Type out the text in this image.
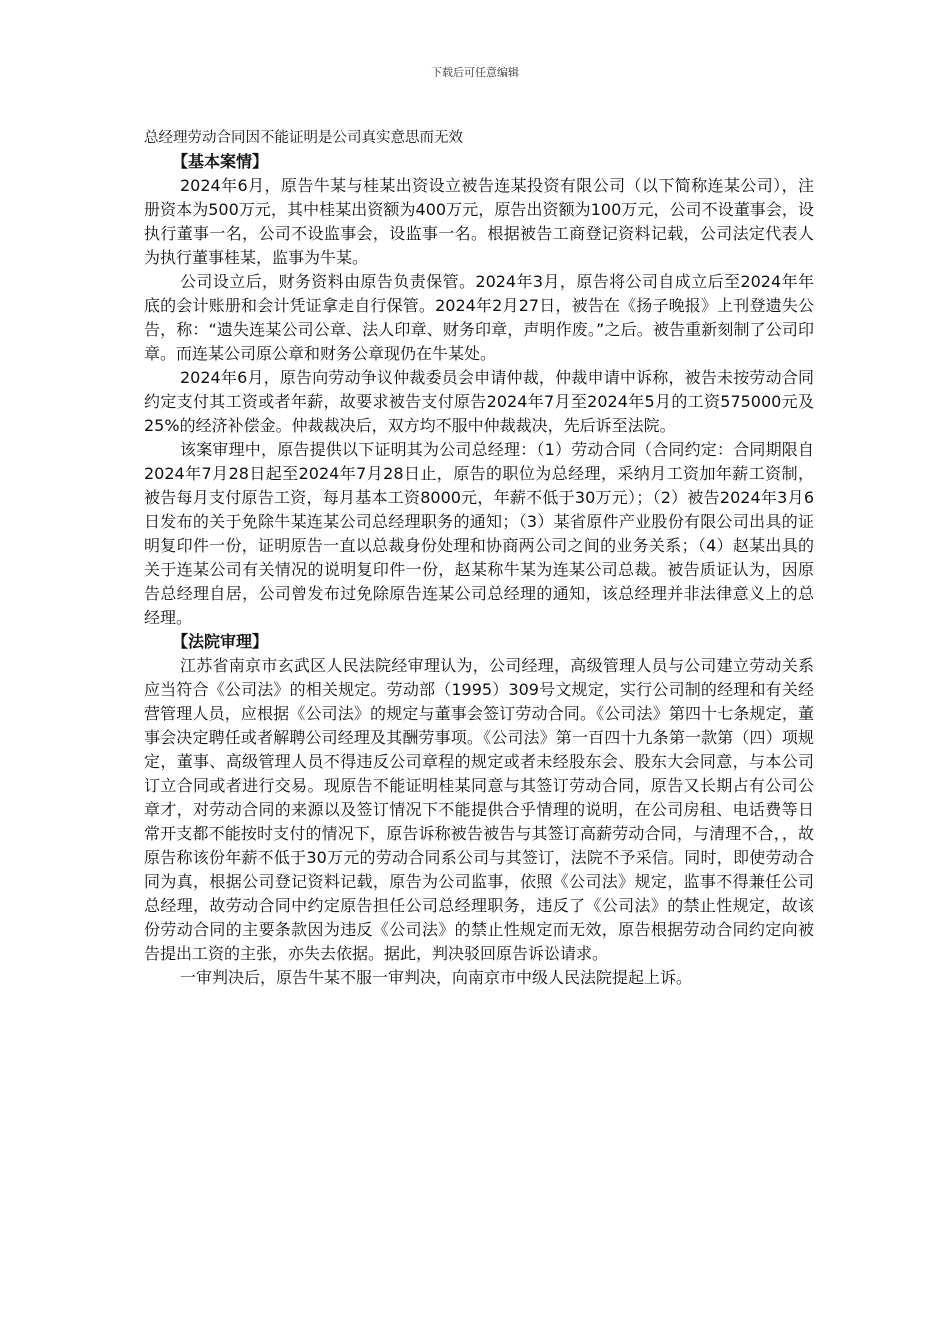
下载后可任意编辑

总经理劳动合同因不能证明是公司真实意思而无效

【基本案情】

2024年6月，原告牛某与桂某出资设立被告连某投资有限公司（以下简称连某公司），注册资本为500万元，其中桂某出资额为400万元，原告出资额为100万元，公司不设董事会，设执行董事一名，公司不设监事会，设监事一名。根据被告工商登记资料记载，公司法定代表人为执行董事桂某，监事为牛某。

公司设立后，财务资料由原告负责保管。2024年3月，原告将公司自成立后至2024年年底的会计账册和会计凭证拿走自行保管。2024年2月27日，被告在《扬子晚报》上刊登遗失公告，称：“遗失连某公司公章、法人印章、财务印章，声明作废。”之后。被告重新刻制了公司印章。而连某公司原公章和财务公章现仍在牛某处。

2024年6月，原告向劳动争议仲裁委员会申请仲裁，仲裁申请中诉称，被告未按劳动合同约定支付其工资或者年薪，故要求被告支付原告2024年7月至2024年5月的工资575000元及25%的经济补偿金。仲裁裁决后，双方均不服中仲裁裁决，先后诉至法院。

该案审理中，原告提供以下证明其为公司总经理：（1）劳动合同（合同约定：合同期限自2024年7月28日起至2024年7月28日止，原告的职位为总经理，采纳月工资加年薪工资制，被告每月支付原告工资，每月基本工资8000元，年薪不低于30万元）；（2）被告2024年3月6日发布的关于免除牛某连某公司总经理职务的通知；（3）某省原件产业股份有限公司出具的证明复印件一份，证明原告一直以总裁身份处理和协商两公司之间的业务关系；（4）赵某出具的关于连某公司有关情况的说明复印件一份，赵某称牛某为连某公司总裁。被告质证认为，因原告总经理自居，公司曾发布过免除原告连某公司总经理的通知，该总经理并非法律意义上的总经理。

【法院审理】

江苏省南京市玄武区人民法院经审理认为，公司经理，高级管理人员与公司建立劳动关系应当符合《公司法》的相关规定。劳动部（1995）309号文规定，实行公司制的经理和有关经营管理人员，应根据《公司法》的规定与董事会签订劳动合同。《公司法》第四十七条规定，董事会决定聘任或者解聘公司经理及其酬劳事项。《公司法》第一百四十九条第一款第（四）项规定，董事、高级管理人员不得违反公司章程的规定或者未经股东会、股东大会同意，与本公司订立合同或者进行交易。现原告不能证明桂某同意与其签订劳动合同，原告又长期占有公司公章才，对劳动合同的来源以及签订情况下不能提供合乎情理的说明，在公司房租、电话费等日常开支都不能按时支付的情况下，原告诉称被告被告与其签订高薪劳动合同，与清理不合，，故原告称该份年薪不低于30万元的劳动合同系公司与其签订，法院不予采信。同时，即使劳动合同为真，根据公司登记资料记载，原告为公司监事，依照《公司法》规定，监事不得兼任公司总经理，故劳动合同中约定原告担任公司总经理职务，违反了《公司法》的禁止性规定，故该份劳动合同的主要条款因为违反《公司法》的禁止性规定而无效，原告根据劳动合同约定向被告提出工资的主张，亦失去依据。据此，判决驳回原告诉讼请求。

一审判决后，原告牛某不服一审判决，向南京市中级人民法院提起上诉。
